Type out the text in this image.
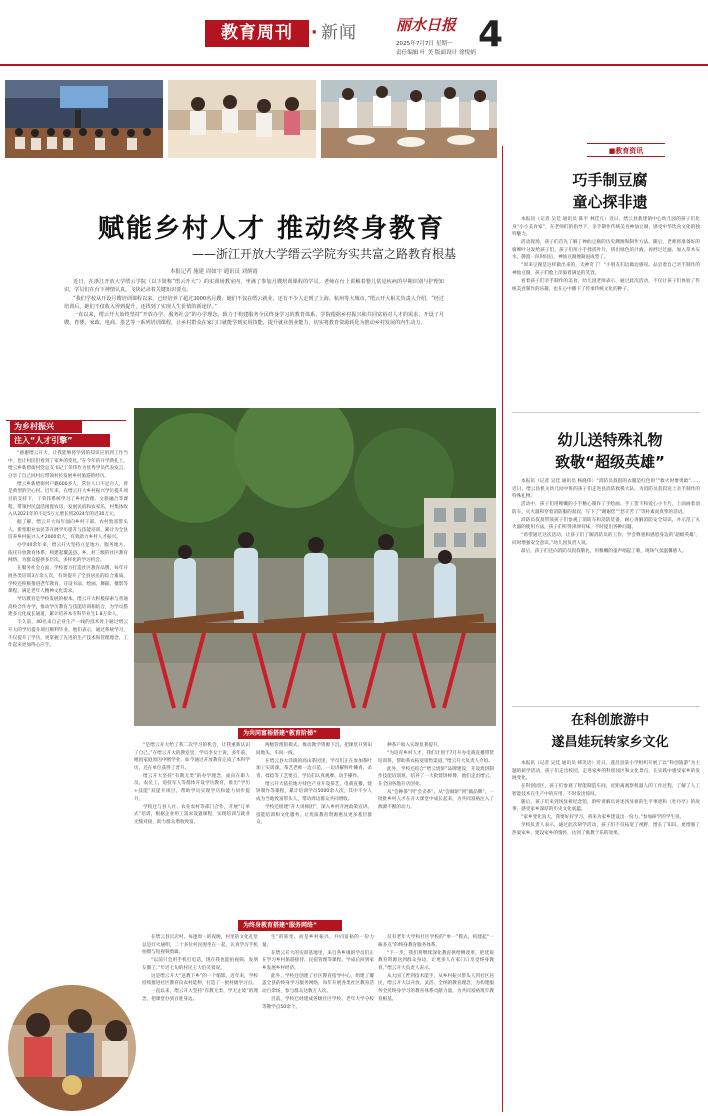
教育周刊	· 新闻	丽水日报
2025年7月7日 星期一
责任编辑 叶 美 版面设计 徐悦炳 4
赋能乡村人才 推动终身教育
——浙江开放大学缙云学院夯实共富之路教育根基
本报记者 施建 周如宇 通讯员 刘炳霞

近日，在浙江开放大学缙云学院（以下简称“缙云开大”）的实训场教室内，坐满了参加月嫂培训课程的学员。老师在台上讲解着婴儿常见疾病的早期识别与护理知识，学员们在台下神情认真，飞快记录着关键知识要点。

“我们学校从开设月嫂培训课程以来，已经培养了超过3000名月嫂，她们不仅在缙云就业，还有不少人走到了上海、杭州等大城市。”缙云开大相关负责人介绍，“经过培训后，她们不仅收入得到提升，还找到了实现人生价值的新途径。”

一直以来，缙云开大始终坚持“开放办学、服务社会”的办学理念，致力于构建服务全民终身学习的教育体系。学院根据乡村振兴和共同富裕对人才的需求，开设了月嫂、育婴、家政、电商、茶艺等一系列培训课程，让乡村群众在家门口就能学到实用技能，提升就业创业能力，切实将教育资源转化为推动乡村发展的内生动力。

为乡村振兴
注入“人才引擎”

“感谢缙云开大，让我能够将学到的知识应用到工作当中，也让村民们看到了家乡的变化。”在今年的开学典礼上，缙云乡新碧街村党总支书记丁荣伟作为优秀学员代表发言，分享了自己回村后带领村民发展乡村旅游的经历。

缙云乡新碧街村户籍600多人，常住人口不足百人，曾是典型的空心村。近年来，在缙云开大乡村振兴学历提升项目的支持下，丁荣伟系统学习了乡村治理、文旅融合等课程，带领村民盘活闲置农房，发展民宿和农家乐，村集体收入从2021年的不足5万元增长到2024年的近30万元。

据了解，缙云开大每年面向乡村干部、农村致富带头人、新型职业农民等开展学历提升与技能培训，累计为全县培养乡村振兴人才2000余人，有效助力乡村人才振兴。

办学40余年来，缙云开大坚持立足地方、服务地方，依托开放教育体系，构建起覆盖县、乡、村三级的社区教育网络，为群众提供多层次、多样化的学习机会。

在服务社会方面，学校着力打造社区教育品牌，每年开展各类培训3万余人次，有效提升了全县居民的综合素质。学校还积极推进老年教育，开设书法、绘画、舞蹈、摄影等课程，满足老年人精神文化需求。

学历教育是学校发展的根本。缙云开大积极探索与普通高校合作办学，推动学历教育与技能培训相结合，为学员搭建多元化成长通道，累计培养本专科毕业生1.8万余人。

不久前，40名来自企业生产一线的技术骨干通过缙云开大的学历提升项目顺利毕业。他们表示，通过系统学习，不仅提升了学历，更掌握了先进的生产技术和管理理念，工作起来更加得心应手。

为共同富裕搭建“教育阶梯”

“是缙云开大给了我二次学习的机会，让我重新认识了自己。”在缙云开大的教室里，学员李女士说。多年前，她因家庭原因中断学业，如今通过开放教育完成了本科学历，还在单位获得了晋升。

缙云开大坚持“有教无类”的办学理念，面向在职人员、农民工、退役军人等群体开设学历教育，推出“学历+技能”双提升项目，帮助学员实现学历和能力同步提升。

学校还与县人社、农业农村等部门合作，开展“订单式”培训，根据企业用工需求设置课程，实现培训与就业无缝对接，助力群众增收致富。

两级管理的模式，推动教学资源下沉，把课堂开到田间地头、车间一线。

在缙云县大洋镇的高山茶园里，学员们正在参加茶叶加工实训课。茶艺老师一边示范，一边讲解鲜叶摊青、杀青、揉捻等工艺要点，学员们认真观摩、动手操作。

缙云开大依托地方特色产业开设茶艺、电商直播、烧饼制作等课程，累计培训学员5000余人次，其中不少人成为当地致富带头人，带动周边群众共同增收。

学校还组建“开大讲师团”，深入乡村开展政策宣讲、技能培训和文化服务，让优质教育资源惠及更多基层群众。

种茶户收入实现显著提升。

“为培育乡村人才，我们计划于7月开办电商直播带货培训班，帮助茶农拓宽销售渠道。”缙云开大负责人介绍。

此外，学校还结合“缙云烧饼”品牌建设，开设烧饼制作技能培训班，培养了一大批烧饼师傅，他们走出缙云，在全国各地开店创业。

从“会种茶”到“会卖茶”，从“会做饼”到“做品牌”，一批批乡村人才在开大课堂中成长起来，为共同富裕注入了源源不断的动力。

为终身教育搭建“服务网络”

在缙云县官店村，每逢周一的夜晚，村里的文化礼堂总是灯火通明，二十多位村民围坐在一起，认真学习手机拍摄与短视频剪辑。

“以前只会用手机打电话，现在我也能拍视频、发朋友圈了。”年近七旬的村民王大伯笑着说。

这是缙云开大“送教下乡”的一个缩影。近年来，学校持续推进社区教育向农村延伸，打造了一批村级学习点。

一直以来，缙云开大坚持“有教无类、学无止境”的理念，把课堂办到百姓身边。

生”的转变，而是乡村振兴、共同富裕的一份力量。

在缙云开大的实训基地里，来自各乡镇的学员们正在学习乡村旅游接待、民宿管理等课程，学成后回到家乡发展乡村经济。

此外，学校还创建了社区教育指导中心，组建了覆盖全县的终身学习服务网络，每年开展各类社区教育活动百余场，参与群众达数万人次。

目前，学校已经建成各级社区学校、老年大学分校等教学点50余个。

仅有老年大学和社区学校的“单一”模式，构建起“一核多点”的终身教育服务体系。

“下一步，我们将继续深化教育供给侧改革，把优质教育资源送到群众身边，让更多人在家门口享受终身教育。”缙云开大负责人表示。

从大国工匠到技术能手，从乡村振兴带头人到社区居民，缙云开大以开放、灵活、全纳的教育理念，为构建服务全民终身学习的教育体系贡献力量，为共同富裕筑牢教育根基。

■教育资讯
巧手制豆腐
童心探非遗

本报讯（记者 吴佳 通讯员 陈平 林佳凡）近日，缙云县新建镇中心幼儿园的孩子们化身“小小美食家”，在老师们的指导下，亲手制作传统美食神仙豆腐，感受中华饮食文化的独特魅力。

活动现场，孩子们首先了解了神仙豆腐的历史渊源和制作方法。随后，老师将准备好的腐婢叶分发给孩子们，孩子们用小手揉搓叶片，挤出绿色的汁液，再经过过滤、加入草木灰水，静置一段时间后，神仙豆腐便凝固成型了。

“原来豆腐是这样做出来的，太神奇了！”小朋友们边做边感叹。品尝着自己亲手制作的神仙豆腐，孩子们脸上洋溢着满足的笑容。

看着孩子们亲手制作的美食，幼儿园老师表示，通过此次活动，不仅让孩子们体验了传统美食制作的乐趣，也在心中播下了传承传统文化的种子。

幼儿送特殊礼物
致敬“超级英雄”

本报讯（记者 吴佳 通讯员 杨晓伟）“消防员叔叔的衣服是红色的”“救火时要勇敢”……近日，缙云县机关幼儿园中班的孩子们走进县消防救援大队，为消防员叔叔送上亲手制作的特殊礼物。

活动中，孩子们用稚嫩的小手精心制作了手绘画、手工贺卡和爱心小卡片，上面画着消防车、灭火器和穿着消防服的叔叔，写下了“谢谢您”“您辛苦了”等朴素而真挚的话语。

消防员叔叔带领孩子们参观了消防车和消防装备，耐心讲解消防安全知识，并示范了灭火器的使用方法，孩子们听得津津有味，不时提出各种问题。

“希望通过这次活动，让孩子们了解消防员的工作，学会尊重和感恩身边的‘超级英雄’，同时增强安全意识。”幼儿园负责人说。

最后，孩子们还向消防员叔叔敬礼，用稚嫩的童声唱起了歌，现场气氛温馨感人。

在科创旅游中
遂昌娃玩转家乡文化

本报讯（记者 吴佳 通讯员 韩笑语）近日，遂昌县某小学组织开展了以“科创旅游”为主题的研学活动，孩子们走出校园，走进家乡的科创园区和文化景点，在实践中感受家乡的发展变化。

在科创园区，孩子们参观了智能制造车间，近距离观察机器人的工作过程，了解了人工智能技术在生产中的应用，不时发出惊叹。

随后，孩子们来到汤显祖纪念馆，聆听讲解员讲述汤显祖的生平事迹和《牡丹亭》的故事，感受家乡深厚的历史文化底蕴。

“家乡变化真大，我要好好学习，将来为家乡建设出一份力。”参加研学的学生说。

学校负责人表示，通过此次研学活动，孩子们不仅拓宽了视野，增长了知识，更增强了热爱家乡、建设家乡的情怀，达到了寓教于乐的效果。
